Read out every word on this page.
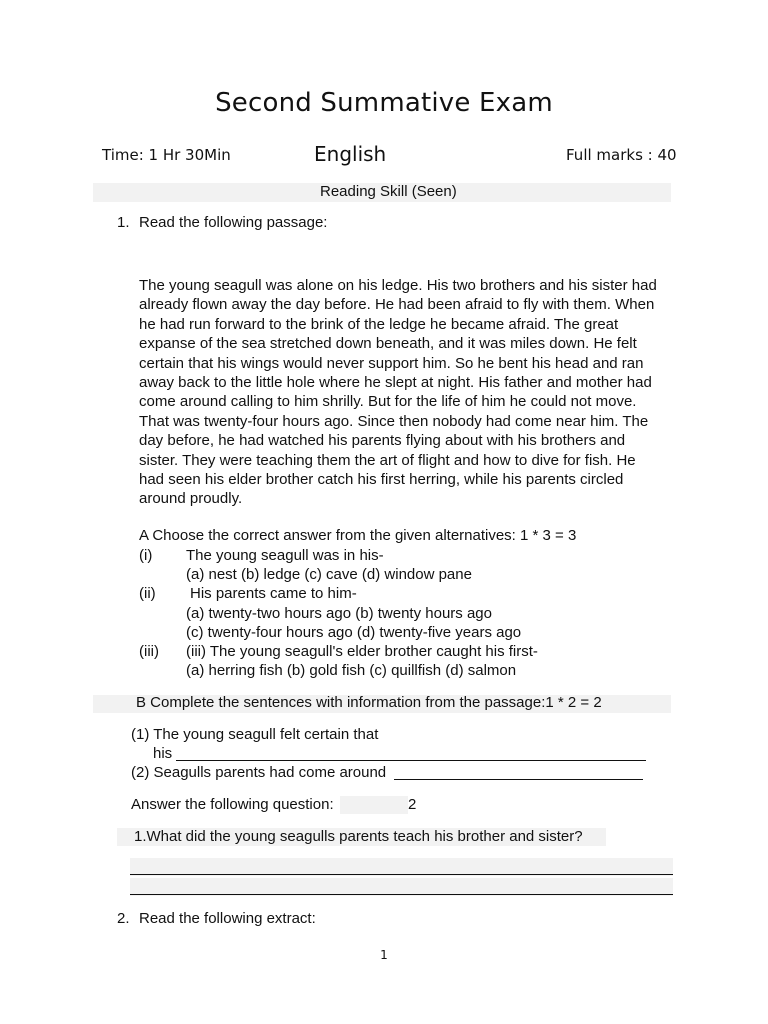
Second Summative Exam
Time: 1 Hr 30Min	English	Full marks : 40
Reading Skill (Seen)
1. Read the following passage:

The young seagull was alone on his ledge. His two brothers and his sister had

already flown away the day before. He had been afraid to fly with them. When

he had run forward to the brink of the ledge he became afraid. The great

expanse of the sea stretched down beneath, and it was miles down. He felt

certain that his wings would never support him. So he bent his head and ran

away back to the little hole where he slept at night. His father and mother had

come around calling to him shrilly. But for the life of him he could not move.

That was twenty-four hours ago. Since then nobody had come near him. The

day before, he had watched his parents flying about with his brothers and

sister. They were teaching them the art of flight and how to dive for fish. He

had seen his elder brother catch his first herring, while his parents circled

around proudly.

A Choose the correct answer from the given alternatives: 1 * 3 = 3
(i) The young seagull was in his-
(a) nest (b) ledge (c) cave (d) window pane
(ii) His parents came to him-
(a) twenty-two hours ago (b) twenty hours ago
(c) twenty-four hours ago (d) twenty-five years ago
(iii) (iii) The young seagull's elder brother caught his first-
(a) herring fish (b) gold fish (c) quillfish (d) salmon
B Complete the sentences with information from the passage:1 * 2 = 2
(1) The young seagull felt certain that
his
(2) Seagulls parents had come around
Answer the following question:	2
1.What did the young seagulls parents teach his brother and sister?
2. Read the following extract:
1
